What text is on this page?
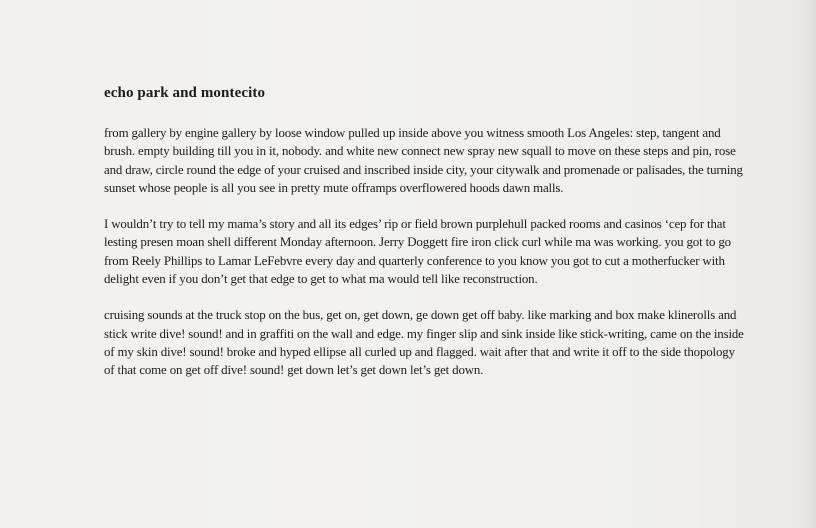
echo park and montecito

from gallery by engine gallery by loose window pulled up inside above you witness smooth Los Angeles: step, tangent and brush. empty building till you in it, nobody. and white new connect new spray new squall to move on these steps and pin, rose and draw, circle round the edge of your cruised and inscribed inside city, your citywalk and promenade or palisades, the turning sunset whose people is all you see in pretty mute offramps overflowered hoods dawn malls.

I wouldn’t try to tell my mama’s story and all its edges’ rip or field brown purplehull packed rooms and casinos ‘cep for that lesting presen moan shell different Monday afternoon. Jerry Doggett fire iron click curl while ma was working. you got to go from Reely Phillips to Lamar LeFebvre every day and quarterly conference to you know you got to cut a motherfucker with delight even if you don’t get that edge to get to what ma would tell like reconstruction.

cruising sounds at the truck stop on the bus, get on, get down, ge down get off baby. like marking and box make klinerolls and stick write dive! sound! and in graffiti on the wall and edge. my finger slip and sink inside like stick-writing, came on the inside of my skin dive! sound! broke and hyped ellipse all curled up and flagged. wait after that and write it off to the side thopology of that come on get off dive! sound! get down let’s get down let’s get down.
